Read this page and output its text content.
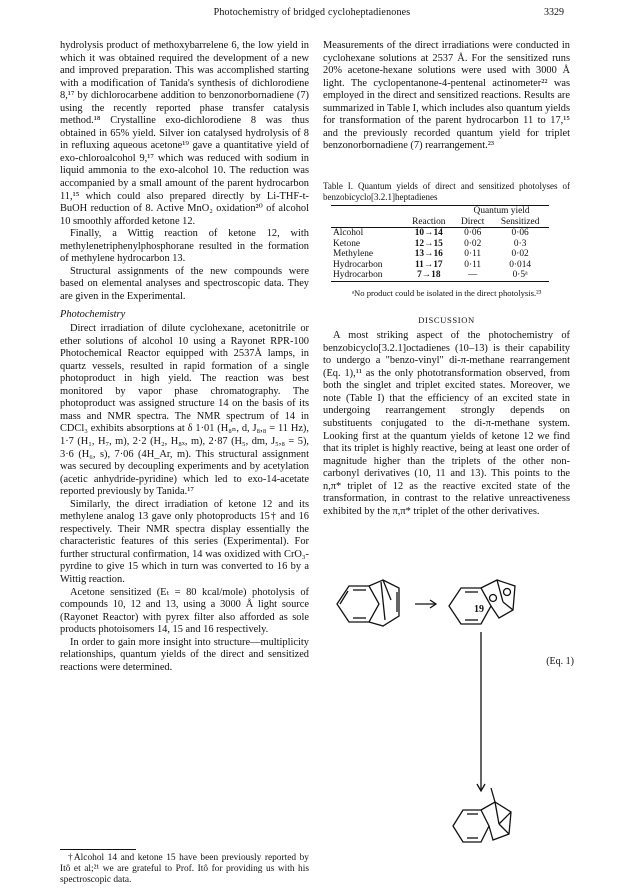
Photochemistry of bridged cycloheptadienones	3329

hydrolysis product of methoxybarrelene 6, the low yield in which it was obtained required the development of a new and improved preparation. This was accomplished starting with a modification of Tanida's synthesis of dichlorodiene 8,¹⁷ by dichlorocarbene addition to benzonorbornadiene (7) using the recently reported phase transfer catalysis method.¹⁸ Crystalline exo-dichlorodiene 8 was thus obtained in 65% yield. Silver ion catalysed hydrolysis of 8 in refluxing aqueous acetone¹⁹ gave a quantitative yield of exo-chloroalcohol 9,¹⁷ which was reduced with sodium in liquid ammonia to the exo-alcohol 10. The reduction was accompanied by a small amount of the parent hydrocarbon 11,¹⁵ which could also prepared directly by Li-THF-t-BuOH reduction of 8. Active MnO₂ oxidation²⁰ of alcohol 10 smoothly afforded ketone 12.

Finally, a Wittig reaction of ketone 12, with methylenetriphenylphosphorane resulted in the formation of methylene hydrocarbon 13.

Structural assignments of the new compounds were based on elemental analyses and spectroscopic data. They are given in the Experimental.

Photochemistry

Direct irradiation of dilute cyclohexane, acetonitrile or ether solutions of alcohol 10 using a Rayonet RPR-100 Photochemical Reactor equipped with 2537Å lamps, in quartz vessels, resulted in rapid formation of a single photoproduct in high yield. The reaction was best monitored by vapor phase chromatography. The photoproduct was assigned structure 14 on the basis of its mass and NMR spectra. The NMR spectrum of 14 in CDCl₃ exhibits absorptions at δ 1·01 (H₈ₙ, d, J₈,₈ = 11 Hz), 1·7 (H₁, H₇, m), 2·2 (H₂, H₈ₓ, m), 2·87 (H₅, dm, J₅,₈ = 5), 3·6 (H₆, s), 7·06 (4H_Ar, m). This structural assignment was secured by decoupling experiments and by acetylation (acetic anhydride-pyridine) which led to exo-14-acetate reported previously by Tanida.¹⁷

Similarly, the direct irradiation of ketone 12 and its methylene analog 13 gave only photoproducts 15† and 16 respectively. Their NMR spectra display essentially the characteristic features of this series (Experimental). For further structural confirmation, 14 was oxidized with CrO₃-pyrdine to give 15 which in turn was converted to 16 by a Wittig reaction.

Acetone sensitized (Eₜ = 80 kcal/mole) photolysis of compounds 10, 12 and 13, using a 3000 Å light source (Rayonet Reactor) with pyrex filter also afforded as sole products photoisomers 14, 15 and 16 respectively.

In order to gain more insight into structure—multiplicity relationships, quantum yields of the direct and sensitized reactions were determined.

†Alcohol 14 and ketone 15 have been previously reported by Itô et al;²¹ we are grateful to Prof. Itô for providing us with his spectroscopic data.

Measurements of the direct irradiations were conducted in cyclohexane solutions at 2537 Å. For the sensitized runs 20% acetone-hexane solutions were used with 3000 Å light. The cyclopentanone-4-pentenal actinometer²² was employed in the direct and sensitized reactions. Results are summarized in Table I, which includes also quantum yields for transformation of the parent hydrocarbon 11 to 17,¹⁵ and the previously recorded quantum yield for triplet benzonorbornadiene (7) rearrangement.²³

Table I. Quantum yields of direct and sensitized photolyses of benzobicyclo[3.2.1]heptadienes

		Quantum yield	
	Reaction	Direct	Sensitized

Alcohol	10→14	0·06	0·06
Ketone	12→15	0·02	0·3
Methylene	13→16	0·11	0·02
Hydrocarbon	11→17	0·11	0·014
Hydrocarbon	7→18	—	0·5ᵃ

ᵃNo product could be isolated in the direct photolysis.²³
DISCUSSION

A most striking aspect of the photochemistry of benzobicyclo[3.2.1]octadienes (10–13) is their capability to undergo a "benzo-vinyl" di-π-methane rearrangement (Eq. 1),¹¹ as the only phototransformation observed, from both the singlet and triplet excited states. Moreover, we note (Table I) that the efficiency of an excited state in undergoing rearrangement strongly depends on substituents conjugated to the di-π-methane system. Looking first at the quantum yields of ketone 12 we find that its triplet is highly reactive, being at least one order of magnitude higher than the triplets of the other non-carbonyl derivatives (10, 11 and 13). This points to the n,π* triplet of 12 as the reactive excited state of the transformation, in contrast to the relative unreactiveness exhibited by the π,π* triplet of the other derivatives.

19
(Eq. 1)
